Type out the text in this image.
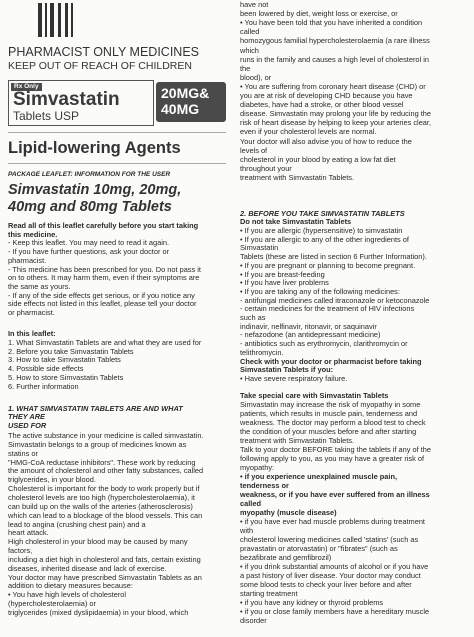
PHARMACIST ONLY MEDICINES
KEEP OUT OF REACH OF CHILDREN
Rx Only
Simvastatin
Tablets USP
20MG&
40MG
Lipid-lowering Agents
PACKAGE LEAFLET: INFORMATION FOR THE USER
Simvastatin 10mg, 20mg,
40mg and 80mg Tablets
Read all of this leaflet carefully before you start taking
this medicine.
- Keep this leaflet. You may need to read it again.
- If you have further questions, ask your doctor or
pharmacist.
- This medicine has been prescribed for you. Do not pass it
on to others. It may harm them, even if their symptoms are
the same as yours.
- If any of the side effects get serious, or if you notice any
side effects not listed in this leaflet, please tell your doctor
or pharmacist.
In this leaflet:
1. What Simvastatin Tablets are and what they are used for
2. Before you take Simvastatin Tablets
3. How to take Simvastatin Tablets
4. Possible side effects
5. How to store Simvastatin Tablets
6. Further information
1. WHAT SIMVASTATIN TABLETS ARE AND WHAT
THEY ARE
USED FOR
The active substance in your medicine is called simvastatin.
Simvastatin belongs to a group of medicines known as
statins or
"HMG-CoA reductase inhibitors". These work by reducing
the amount of cholesterol and other fatty substances, called
triglycerides, in your blood.
Cholesterol is important for the body to work properly but if
cholesterol levels are too high (hypercholesterolaemia), it
can build up on the walls of the arteries (atherosclerosis)
which can lead to a blockage of the blood vessels. This can
lead to angina (crushing chest pain) and a
heart attack.
High cholesterol in your blood may be caused by many
factors,
including a diet high in cholesterol and fats, certain existing
diseases, inherited disease and lack of exercise.
Your doctor may have prescribed Simvastatin Tablets as an
addition to dietary measures because:
• You have high levels of cholesterol
(hypercholesterolaemia) or
triglycerides (mixed dyslipidaemia) in your blood, which
have not
been lowered by diet, weight loss or exercise, or
• You have been told that you have inherited a condition
called
homozygous familial hypercholesterolaemia (a rare illness
which
runs in the family and causes a high level of cholesterol in
the
blood), or
• You are suffering from coronary heart disease (CHD) or
you are at risk of developing CHD because you have
diabetes, have had a stroke, or other blood vessel
disease. Simvastatin may prolong your life by reducing the
risk of heart disease by helping to keep your arteries clear,
even if your cholesterol levels are normal.
Your doctor will also advise you of how to reduce the
levels of
cholesterol in your blood by eating a low fat diet
throughout your
treatment with Simvastatin Tablets.
2. BEFORE YOU TAKE SIMVASTATIN TABLETS
Do not take Simvastatin Tablets
• If you are allergic (hypersensitive) to simvastatin
• If you are allergic to any of the other ingredients of
Simvastatin
Tablets (these are listed in section 6 Further Information).
• If you are pregnant or planning to become pregnant.
• If you are breast-feeding
• If you have liver problems
• If you are taking any of the following medicines:
- antifungal medicines called itraconazole or ketoconazole
- certain medicines for the treatment of HIV infections
such as
indinavir, nelfinavir, ritonavir, or saquinavir
- nefazodone (an antidepressant medicine)
- antibiotics such as erythromycin, clarithromycin or
telithromycin.
Check with your doctor or pharmacist before taking
Simvastatin Tablets if you:
• Have severe respiratory failure.
Take special care with Simvastatin Tablets
Simvastatin may increase the risk of myopathy in some
patients, which results in muscle pain, tenderness and
weakness. The doctor may perform a blood test to check
the condition of your muscles before and after starting
treatment with Simvastatin Tablets.
Talk to your doctor BEFORE taking the tablets if any of the
following apply to you, as you may have a greater risk of
myopathy:
• if you experience unexplained muscle pain,
tenderness or
weakness, or if you have ever suffered from an illness
called
myopathy (muscle disease)
• if you have ever had muscle problems during treatment
with
cholesterol lowering medicines called 'statins' (such as
pravastatin or atorvastatin) or "fibrates" (such as
bezafibrate and gemfibrozil)
• if you drink substantial amounts of alcohol or if you have
a past history of liver disease. Your doctor may conduct
some blood tests to check your liver before and after
starting treatment
• if you have any kidney or thyroid problems
• if you or close family members have a hereditary muscle
disorder
